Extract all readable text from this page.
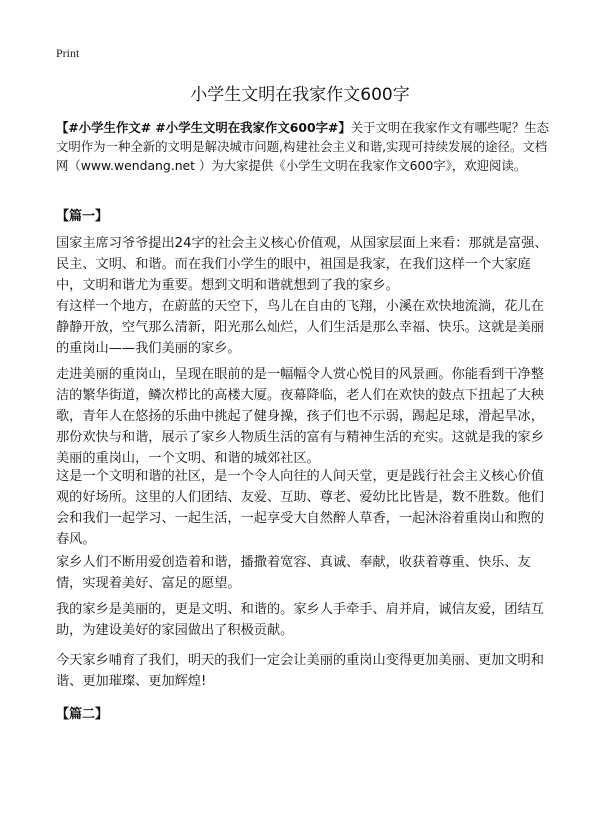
Print
小学生文明在我家作文600字
【#小学生作文# #小学生文明在我家作文600字#】关于文明在我家作文有哪些呢？生态文明作为一种全新的文明是解决城市问题,构建社会主义和谐,实现可持续发展的途径。文档网（www.wendang.net ）为大家提供《小学生文明在我家作文600字》，欢迎阅读。
【篇一】

国家主席习爷爷提出24字的社会主义核心价值观，从国家层面上来看：那就是富强、民主、文明、和谐。而在我们小学生的眼中，祖国是我家，在我们这样一个大家庭中，文明和谐尤为重要。想到文明和谐就想到了我的家乡。

有这样一个地方，在蔚蓝的天空下，鸟儿在自由的飞翔，小溪在欢快地流淌，花儿在静静开放，空气那么清新，阳光那么灿烂，人们生活是那么幸福、快乐。这就是美丽的重岗山——我们美丽的家乡。

走进美丽的重岗山，呈现在眼前的是一幅幅令人赏心悦目的风景画。你能看到干净整洁的繁华街道，鳞次栉比的高楼大厦。夜幕降临，老人们在欢快的鼓点下扭起了大秧歌，青年人在悠扬的乐曲中挑起了健身操，孩子们也不示弱，踢起足球，滑起旱冰，那份欢快与和谐，展示了家乡人物质生活的富有与精神生活的充实。这就是我的家乡美丽的重岗山，一个文明、和谐的城郊社区。

这是一个文明和谐的社区，是一个令人向往的人间天堂，更是践行社会主义核心价值观的好场所。这里的人们团结、友爱、互助、尊老、爱幼比比皆是，数不胜数。他们会和我们一起学习、一起生活，一起享受大自然醉人草香，一起沐浴着重岗山和煦的春风。

家乡人们不断用爱创造着和谐，播撒着宽容、真诚、奉献，收获着尊重、快乐、友情，实现着美好、富足的愿望。

我的家乡是美丽的，更是文明、和谐的。家乡人手牵手、肩并肩，诚信友爱，团结互助，为建设美好的家园做出了积极贡献。

今天家乡哺育了我们，明天的我们一定会让美丽的重岗山变得更加美丽、更加文明和谐、更加璀璨、更加辉煌!

【篇二】
